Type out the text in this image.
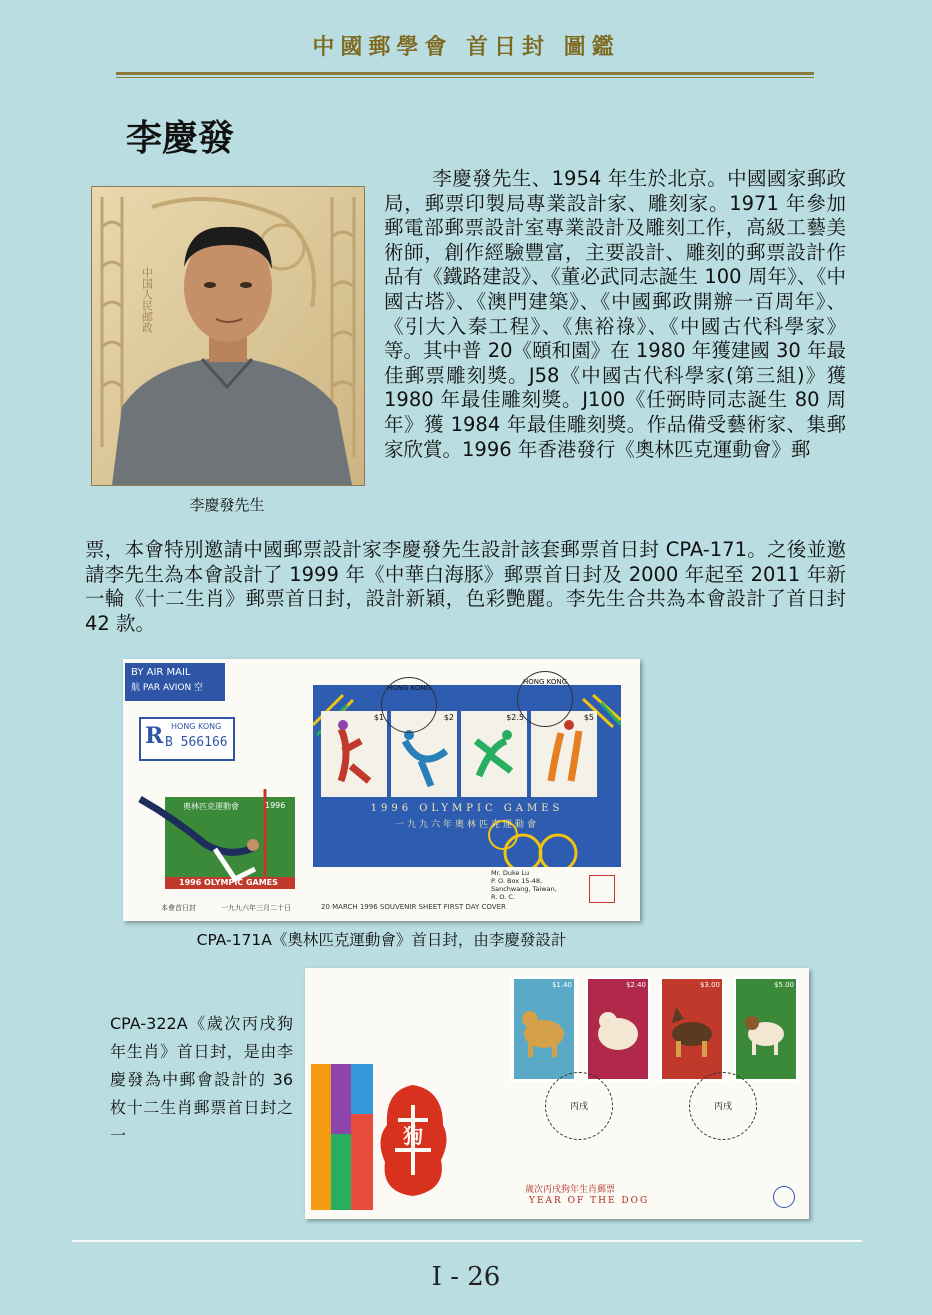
中國郵學會 首日封 圖鑑
李慶發
中国人民邮政
李慶發先生

李慶發先生、1954 年生於北京。中國國家郵政局，郵票印製局專業設計家、雕刻家。1971 年參加郵電部郵票設計室專業設計及雕刻工作，高級工藝美術師，創作經驗豐富，主要設計、雕刻的郵票設計作品有《鐵路建設》、《董必武同志誕生 100 周年》、《中國古塔》、《澳門建築》、《中國郵政開辦一百周年》、《引大入秦工程》、《焦裕祿》、《中國古代科學家》等。其中普 20《頤和園》在 1980 年獲建國 30 年最佳郵票雕刻獎。J58《中國古代科學家(第三組)》獲 1980 年最佳雕刻獎。J100《任弼時同志誕生 80 周年》獲 1984 年最佳雕刻獎。作品備受藝術家、集郵家欣賞。1996 年香港發行《奧林匹克運動會》郵

票，本會特別邀請中國郵票設計家李慶發先生設計該套郵票首日封 CPA-171。之後並邀請李先生為本會設計了 1999 年《中華白海豚》郵票首日封及 2000 年起至 2011 年新一輪《十二生肖》郵票首日封，設計新穎，色彩艷麗。李先生合共為本會設計了首日封 42 款。

BY AIR MAIL
航 PAR AVION 空
R HONG KONG
B 566166
奧林匹克運動會	1996
1996 OLYMPIC GAMES
$1	$2	$2.5	$5
1996 OLYMPIC GAMES
一九九六年奧林匹克運動會
HONG KONG
HONG KONG
Mr. Duke Lu
P. O. Box 15-48,
Sanchwang, Taiwan,
R. O. C.
本會首日封	一九九六年三月二十日	20 MARCH 1996 SOUVENIR SHEET FIRST DAY COVER
CPA-171A《奧林匹克運動會》首日封，由李慶發設計
CPA-322A《歲次丙戌狗年生肖》首日封，是由李慶發為中郵會設計的 36 枚十二生肖郵票首日封之一	狗
$1.40	$2.40	$3.00	$5.00
丙戌	丙戌
歲次丙戌狗年生肖郵票
YEAR OF THE DOG
I - 26
